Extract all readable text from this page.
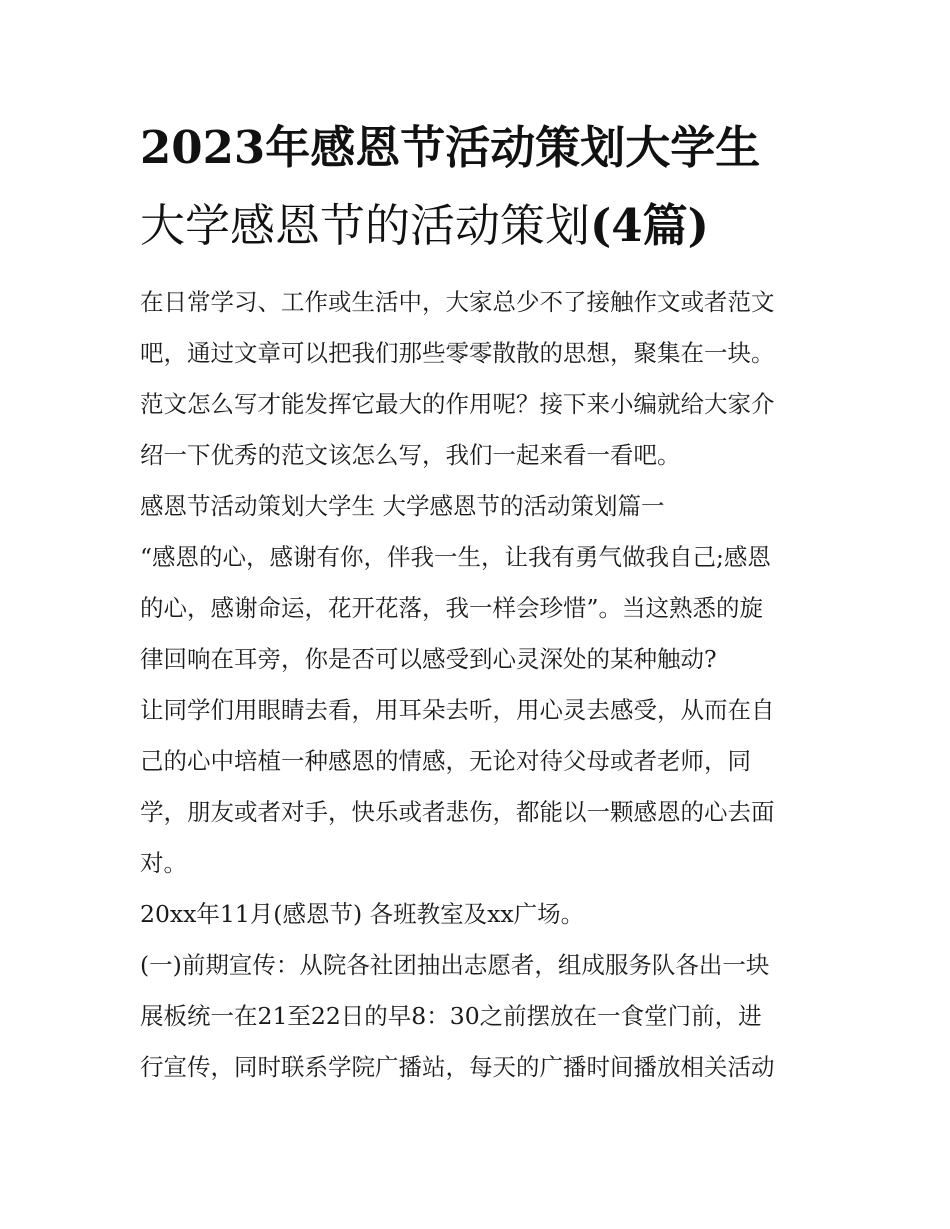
2023年感恩节活动策划大学生
大学感恩节的活动策划(4篇)
在日常学习、工作或生活中，大家总少不了接触作文或者范文
吧，通过文章可以把我们那些零零散散的思想，聚集在一块。
范文怎么写才能发挥它最大的作用呢？接下来小编就给大家介
绍一下优秀的范文该怎么写，我们一起来看一看吧。
感恩节活动策划大学生 大学感恩节的活动策划篇一
“感恩的心，感谢有你，伴我一生，让我有勇气做我自己;感恩
的心，感谢命运，花开花落，我一样会珍惜”。当这熟悉的旋
律回响在耳旁，你是否可以感受到心灵深处的某种触动?
让同学们用眼睛去看，用耳朵去听，用心灵去感受，从而在自
己的心中培植一种感恩的情感，无论对待父母或者老师，同
学，朋友或者对手，快乐或者悲伤，都能以一颗感恩的心去面
对。
20xx年11月(感恩节) 各班教室及xx广场。
(一)前期宣传：从院各社团抽出志愿者，组成服务队各出一块
展板统一在21至22日的早8：30之前摆放在一食堂门前，进
行宣传，同时联系学院广播站，每天的广播时间播放相关活动
